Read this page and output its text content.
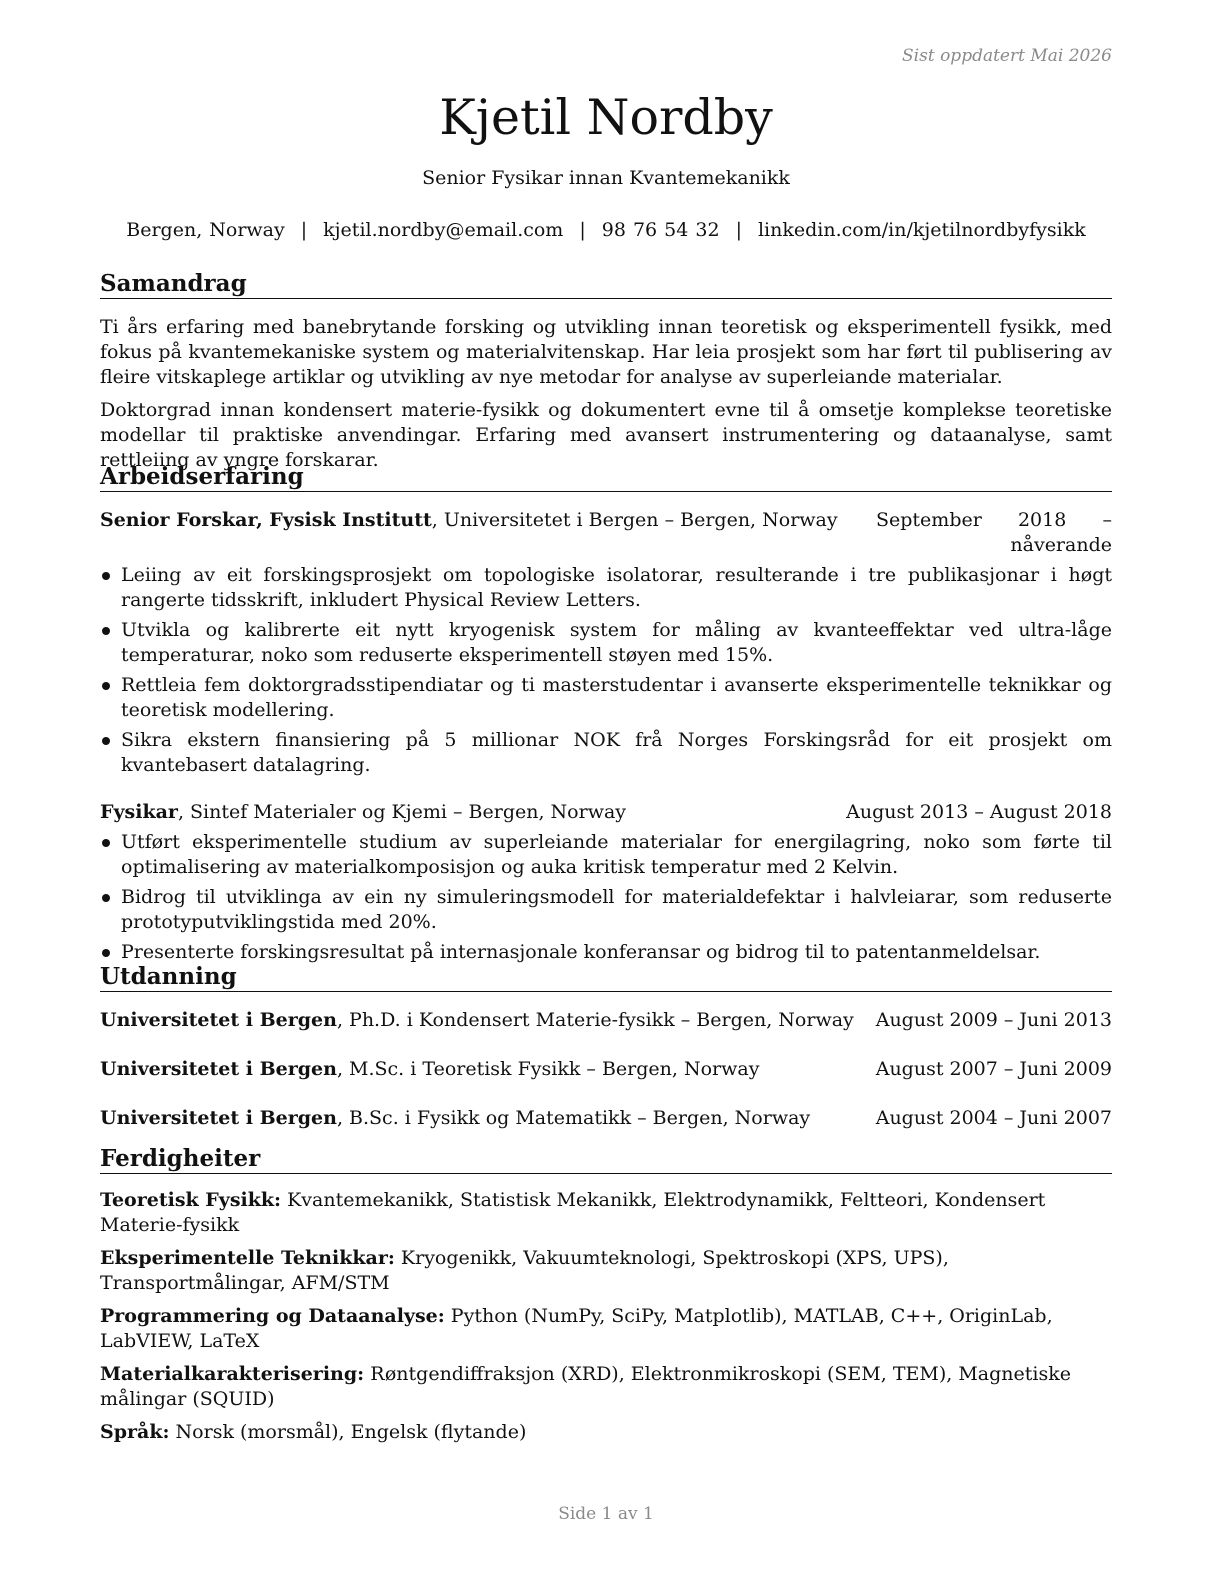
Sist oppdatert Mai 2026
Kjetil Nordby
Senior Fysikar innan Kvantemekanikk
Bergen, Norway | kjetil.nordby@email.com | 98 76 54 32 | linkedin.com/in/kjetilnordbyfysikk
Samandrag

Ti års erfaring med banebrytande forsking og utvikling innan teoretisk og eksperimentell fysikk, med fokus på kvantemekaniske system og materialvitenskap. Har leia prosjekt som har ført til publisering av fleire vitskaplege artiklar og utvikling av nye metodar for analyse av superleiande materialar.

Doktorgrad innan kondensert materie-fysikk og dokumentert evne til å omsetje komplekse teoretiske modellar til praktiske anvendingar. Erfaring med avansert instrumentering og dataanalyse, samt rettleiing av yngre forskarar.

Arbeidserfaring
Senior Forskar, Fysisk Institutt, Universitetet i Bergen – Bergen, Norway	September 2018 – nåverande
Leiing av eit forskingsprosjekt om topologiske isolatorar, resulterande i tre publikasjonar i høgt rangerte tidsskrift, inkludert Physical Review Letters.
Utvikla og kalibrerte eit nytt kryogenisk system for måling av kvanteeffektar ved ultra-låge temperaturar, noko som reduserte eksperimentell støyen med 15%.
Rettleia fem doktorgradsstipendiatar og ti masterstudentar i avanserte eksperimentelle teknikkar og teoretisk modellering.
Sikra ekstern finansiering på 5 millionar NOK frå Norges Forskingsråd for eit prosjekt om kvantebasert datalagring.
Fysikar, Sintef Materialer og Kjemi – Bergen, Norway	August 2013 – August 2018
Utført eksperimentelle studium av superleiande materialar for energilagring, noko som førte til optimalisering av materialkomposisjon og auka kritisk temperatur med 2 Kelvin.
Bidrog til utviklinga av ein ny simuleringsmodell for materialdefektar i halvleiarar, som reduserte prototyputviklingstida med 20%.
Presenterte forskingsresultat på internasjonale konferansar og bidrog til to patentanmeldelsar.
Utdanning
Universitetet i Bergen, Ph.D. i Kondensert Materie-fysikk – Bergen, Norway	August 2009 – Juni 2013
Universitetet i Bergen, M.Sc. i Teoretisk Fysikk – Bergen, Norway	August 2007 – Juni 2009
Universitetet i Bergen, B.Sc. i Fysikk og Matematikk – Bergen, Norway	August 2004 – Juni 2007
Ferdigheiter
Teoretisk Fysikk: Kvantemekanikk, Statistisk Mekanikk, Elektrodynamikk, Feltteori, Kondensert Materie-fysikk
Eksperimentelle Teknikkar: Kryogenikk, Vakuumteknologi, Spektroskopi (XPS, UPS), Transportmålingar, AFM/STM
Programmering og Dataanalyse: Python (NumPy, SciPy, Matplotlib), MATLAB, C++, OriginLab, LabVIEW, LaTeX
Materialkarakterisering: Røntgendiffraksjon (XRD), Elektronmikroskopi (SEM, TEM), Magnetiske målingar (SQUID)
Språk: Norsk (morsmål), Engelsk (flytande)
Side 1 av 1
